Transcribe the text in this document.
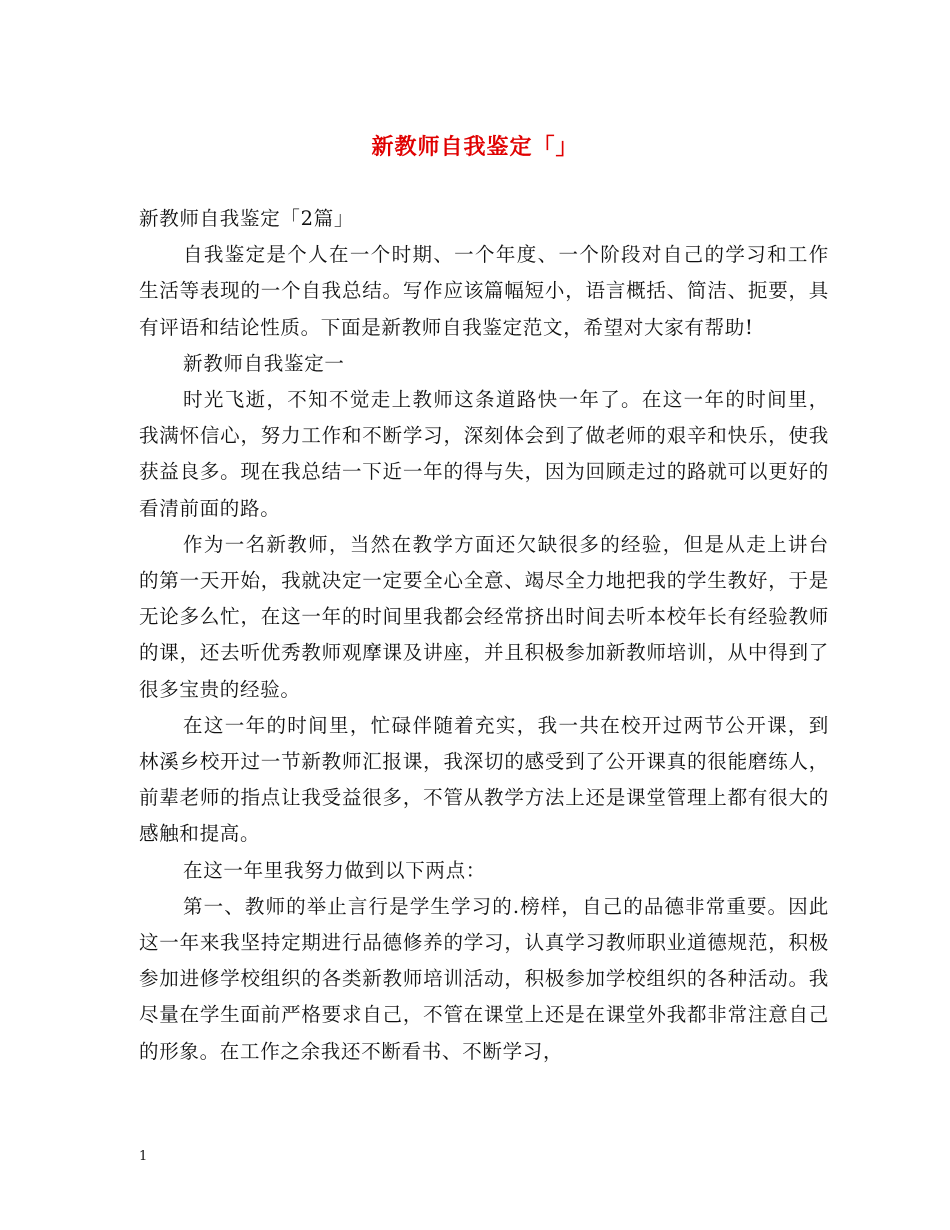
新教师自我鉴定「」

新教师自我鉴定「2篇」

自我鉴定是个人在一个时期、一个年度、一个阶段对自己的学习和工作生活等表现的一个自我总结。写作应该篇幅短小，语言概括、简洁、扼要，具有评语和结论性质。下面是新教师自我鉴定范文，希望对大家有帮助!

新教师自我鉴定一

时光飞逝，不知不觉走上教师这条道路快一年了。在这一年的时间里，我满怀信心，努力工作和不断学习，深刻体会到了做老师的艰辛和快乐，使我获益良多。现在我总结一下近一年的得与失，因为回顾走过的路就可以更好的看清前面的路。

作为一名新教师，当然在教学方面还欠缺很多的经验，但是从走上讲台的第一天开始，我就决定一定要全心全意、竭尽全力地把我的学生教好，于是无论多么忙，在这一年的时间里我都会经常挤出时间去听本校年长有经验教师的课，还去听优秀教师观摩课及讲座，并且积极参加新教师培训，从中得到了很多宝贵的经验。

在这一年的时间里，忙碌伴随着充实，我一共在校开过两节公开课，到林溪乡校开过一节新教师汇报课，我深切的感受到了公开课真的很能磨练人，前辈老师的指点让我受益很多，不管从教学方法上还是课堂管理上都有很大的感触和提高。

在这一年里我努力做到以下两点：

第一、教师的举止言行是学生学习的.榜样，自己的品德非常重要。因此这一年来我坚持定期进行品德修养的学习，认真学习教师职业道德规范，积极参加进修学校组织的各类新教师培训活动，积极参加学校组织的各种活动。我尽量在学生面前严格要求自己，不管在课堂上还是在课堂外我都非常注意自己的形象。在工作之余我还不断看书、不断学习，

1
